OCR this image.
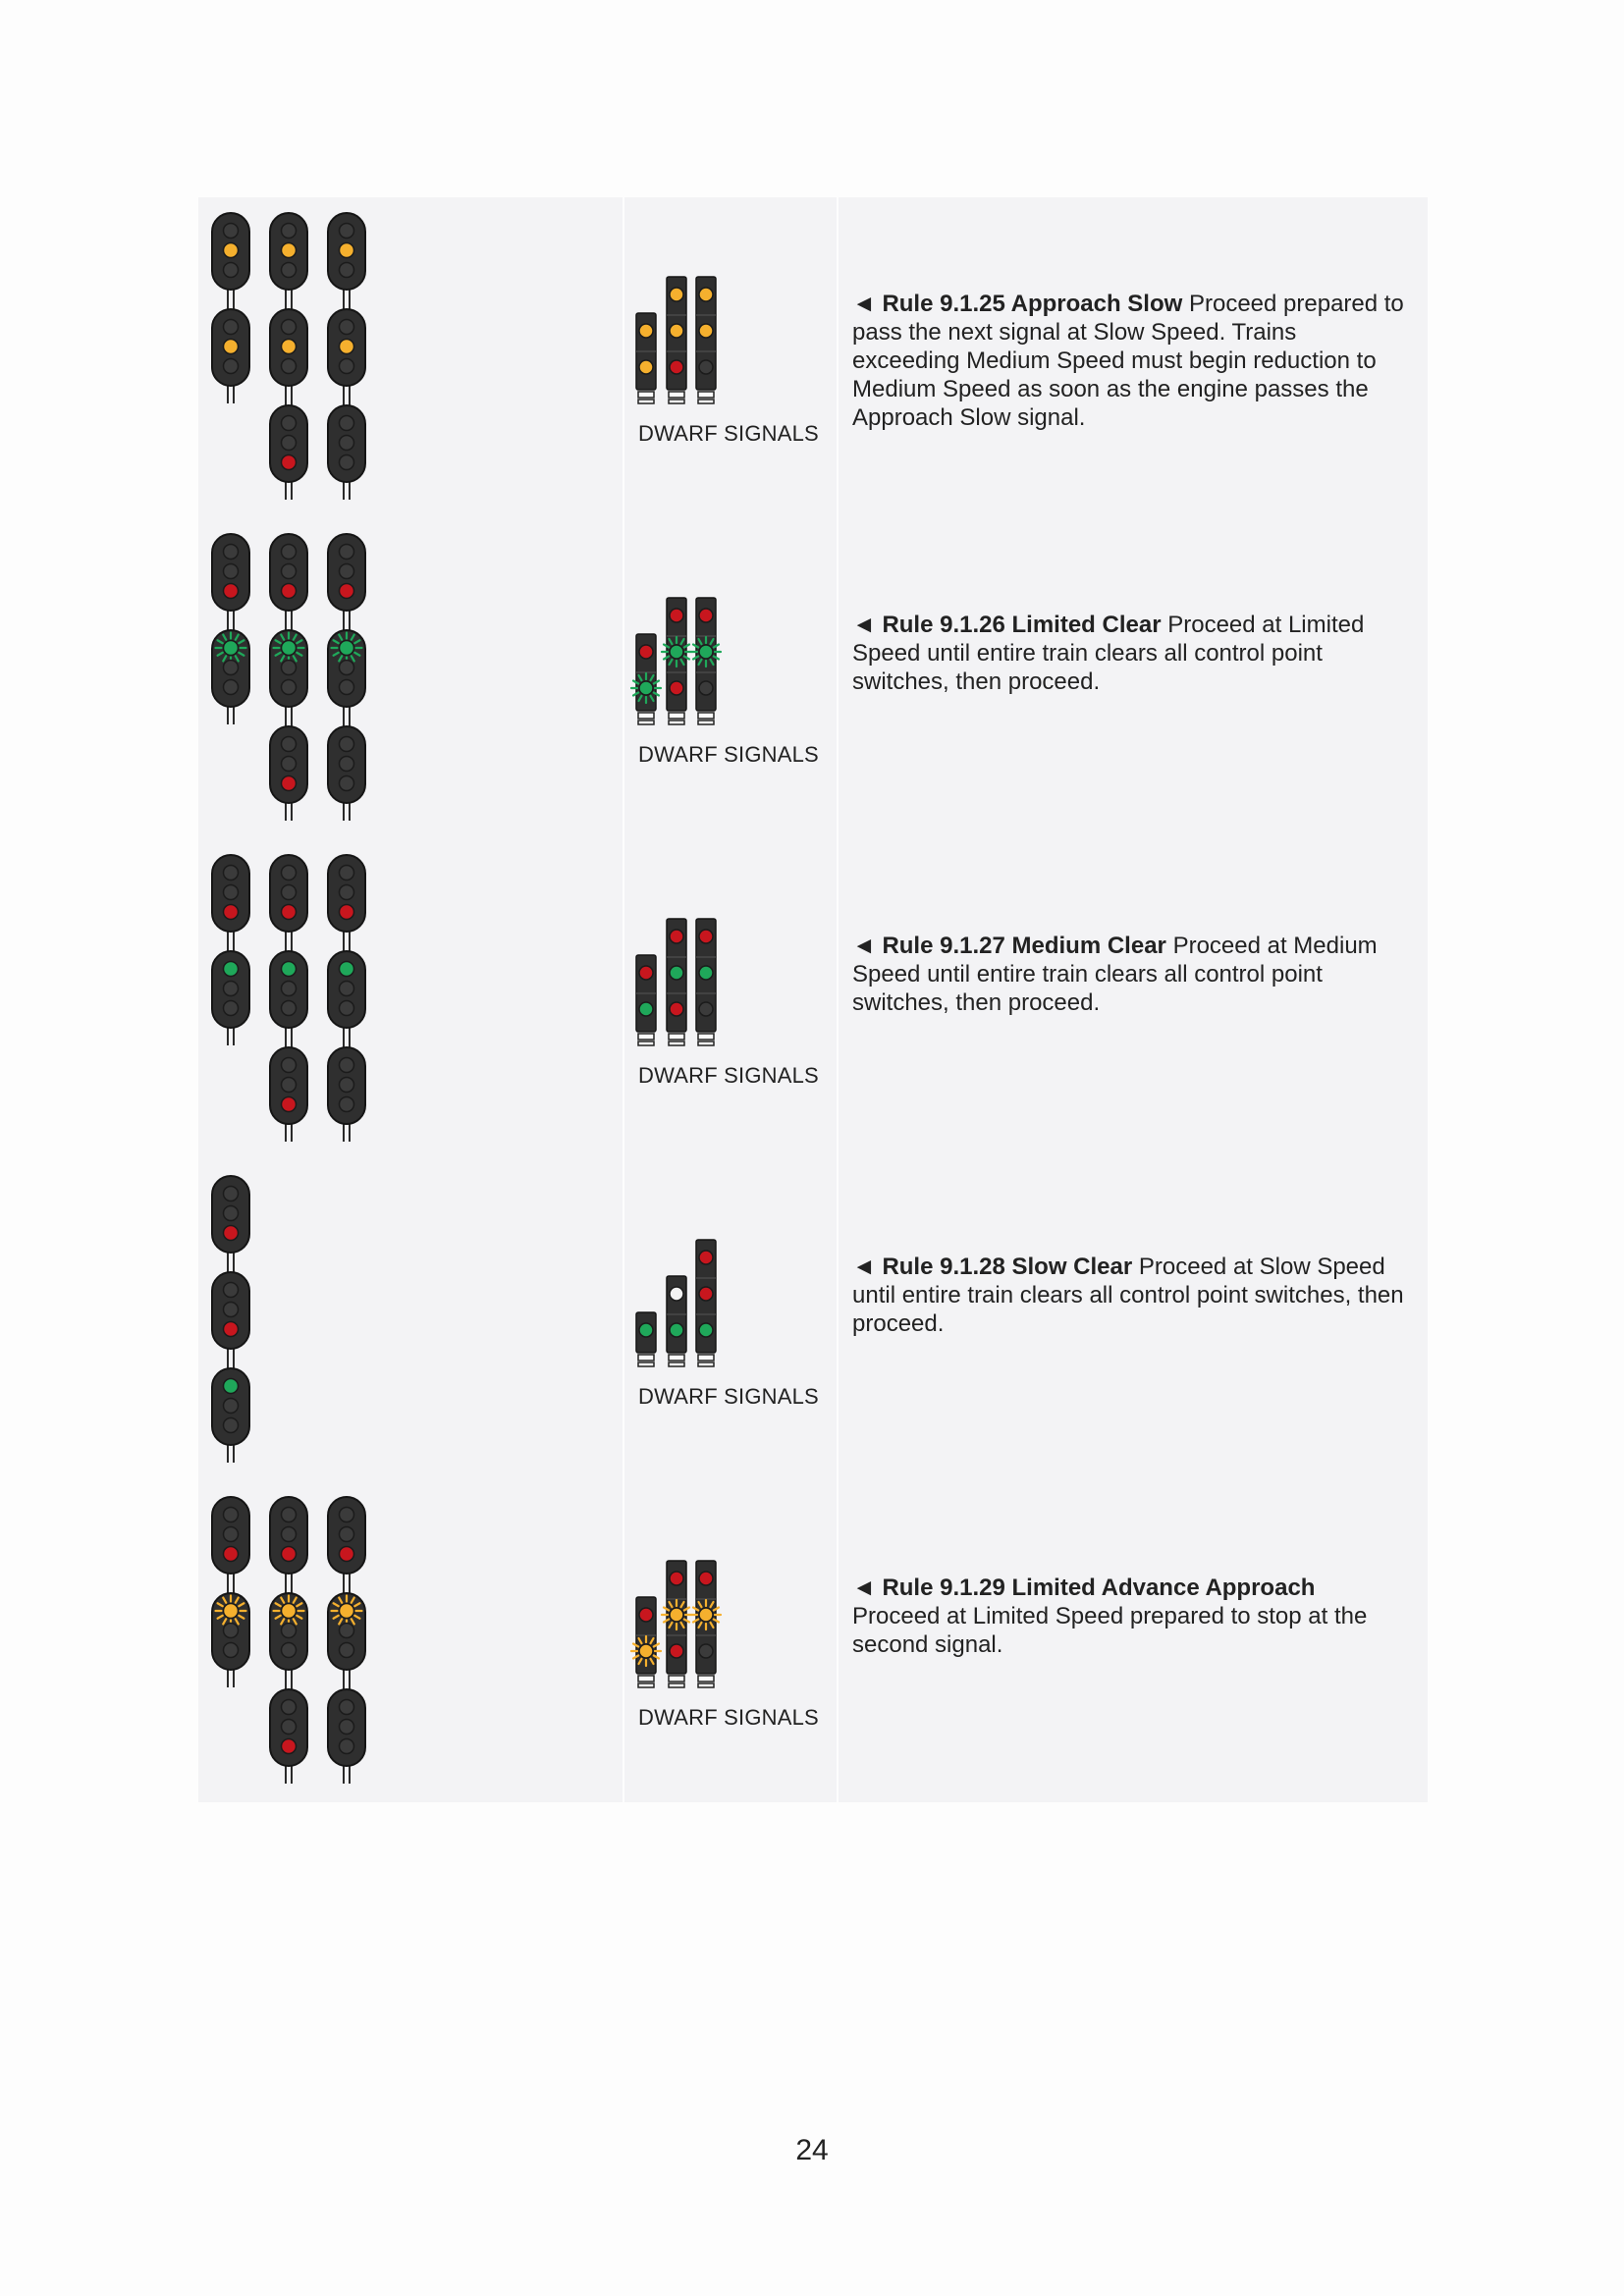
DWARF SIGNALS
◄ Rule 9.1.25 Approach Slow Proceed prepared to pass the next signal at Slow Speed. Trains exceeding Medium Speed must begin reduction to Medium Speed as soon as the engine passes the Approach Slow signal.
DWARF SIGNALS
◄ Rule 9.1.26 Limited Clear Proceed at Limited Speed until entire train clears all control point switches, then proceed.
DWARF SIGNALS
◄ Rule 9.1.27 Medium Clear Proceed at Medium Speed until entire train clears all control point switches, then proceed.
DWARF SIGNALS
◄ Rule 9.1.28 Slow Clear Proceed at Slow Speed until entire train clears all control point switches, then proceed.
DWARF SIGNALS
◄ Rule 9.1.29 Limited Advance Approach Proceed at Limited Speed prepared to stop at the second signal.
24
